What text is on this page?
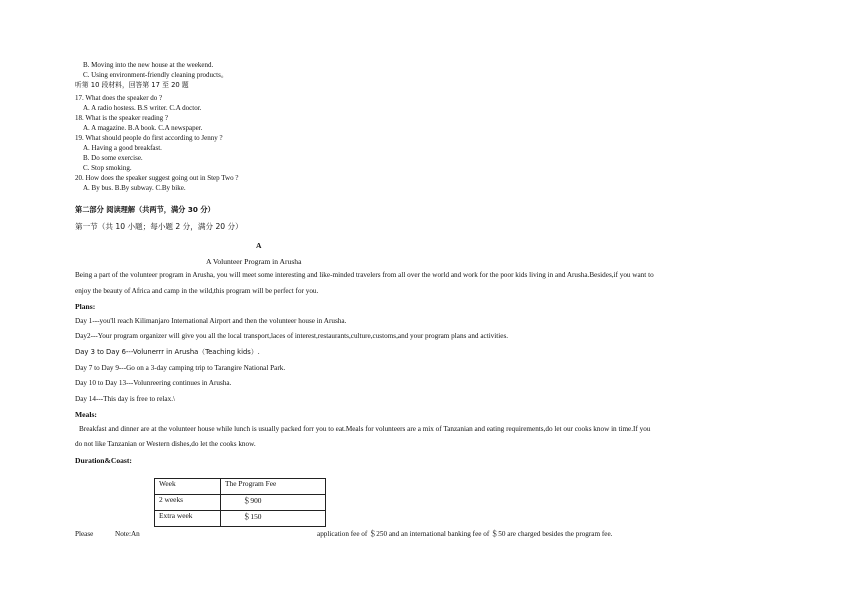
B. Moving into the new house at the weekend.
C. Using environment-friendly cleaning products。
听第 10 段材料，回答第 17 至 20 题
17. What does the speaker do ?
A. A radio hostess. B.S writer. C.A doctor.
18. What is the speaker reading ?
A. A magazine. B.A book. C.A newspaper.
19. What should people do first according to Jenny ?
A. Having a good breakfast.
B. Do some exercise.
C. Stop smoking.
20. How does the speaker suggest going out in Step Two ?
A. By bus. B.By subway. C.By bike.
第二部分 阅读理解（共两节，满分 30 分）
第一节（共 10 小题；每小题 2 分，满分 20 分）
A
A Volunteer Program in Arusha
Being a part of the volunteer program in Arusha, you will meet some interesting and like-minded travelers from all over the world and work for the poor kids living in and Arusha.Besides,if you want to
enjoy the beauty of Africa and camp in the wild,this program will be perfect for you.
Plans:
Day 1---you'll reach Kilimanjaro International Airport and then the volunteer house in Arusha.
Day2---Your program organizer will give you all the local transport,laces of interest,restaurants,culture,customs,and your program plans and activities.
Day 3 to Day 6---Volunerrr in Arusha（Teaching kids）.
Day 7 to Day 9---Go on a 3-day camping trip to Tarangire National Park.
Day 10 to Day 13---Volunreering continues in Arusha.
Day 14---This day is free to relax.\
Meals:
Breakfast and dinner are at the volunteer house while lunch is usually packed forr you to eat.Meals for volunteers are a mix of Tanzanian and eating requirements,do let our cooks know in time.If you
do not like Tanzanian or Western dishes,do let the cooks know.
Duration&Coast:
Week	The Program Fee
2 weeks	＄900
Extra week	＄150
Please	Note:An	application fee of ＄250 and an international banking fee of ＄50 are charged besides the program fee.
